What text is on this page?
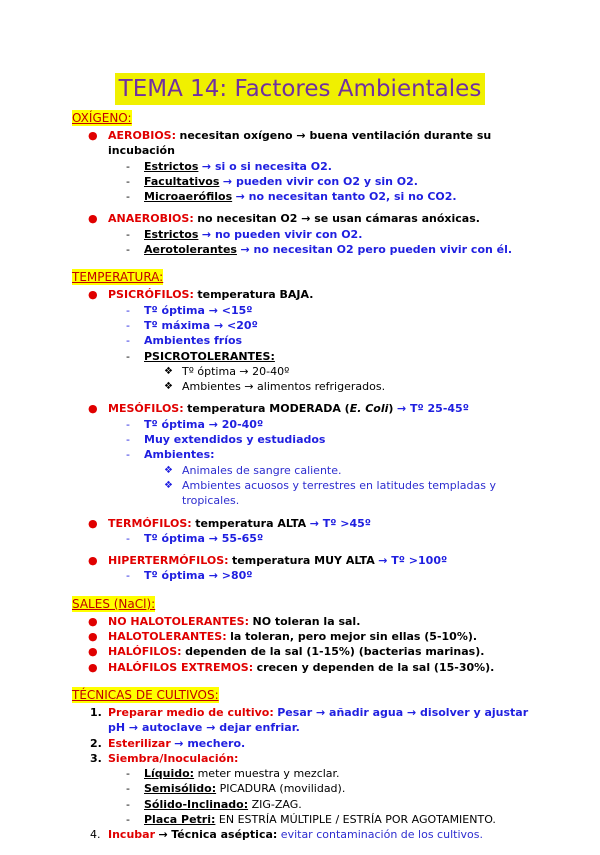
TEMA 14: Factores Ambientales
OXÍGENO:
● AEROBIOS: necesitan oxígeno → buena ventilación durante su incubación
- Estrictos → si o si necesita O2.
- Facultativos → pueden vivir con O2 y sin O2.
- Microaerófilos → no necesitan tanto O2, si no CO2.
● ANAEROBIOS: no necesitan O2 → se usan cámaras anóxicas.
- Estrictos → no pueden vivir con O2.
- Aerotolerantes → no necesitan O2 pero pueden vivir con él.
TEMPERATURA:
● PSICRÓFILOS: temperatura BAJA.
- Tº óptima → <15º
- Tº máxima → <20º
- Ambientes fríos
- PSICROTOLERANTES:
❖ Tº óptima → 20-40º
❖ Ambientes → alimentos refrigerados.
● MESÓFILOS: temperatura MODERADA (E. Coli) → Tº 25-45º
- Tº óptima → 20-40º
- Muy extendidos y estudiados
- Ambientes:
❖ Animales de sangre caliente.
❖ Ambientes acuosos y terrestres en latitudes templadas y tropicales.
● TERMÓFILOS: temperatura ALTA → Tº >45º
- Tº óptima → 55-65º
● HIPERTERMÓFILOS: temperatura MUY ALTA → Tº >100º
- Tº óptima → >80º
SALES (NaCl):
● NO HALOTOLERANTES: NO toleran la sal.
● HALOTOLERANTES: la toleran, pero mejor sin ellas (5-10%).
● HALÓFILOS: dependen de la sal (1-15%) (bacterias marinas).
● HALÓFILOS EXTREMOS: crecen y dependen de la sal (15-30%).
TÉCNICAS DE CULTIVOS:
1. Preparar medio de cultivo: Pesar → añadir agua → disolver y ajustar pH → autoclave → dejar enfriar.
2. Esterilizar → mechero.
3. Siembra/Inoculación:
- Líquido: meter muestra y mezclar.
- Semisólido: PICADURA (movilidad).
- Sólido-Inclinado: ZIG-ZAG.
- Placa Petri: EN ESTRÍA MÚLTIPLE / ESTRÍA POR AGOTAMIENTO.
4. Incubar → Técnica aséptica: evitar contaminación de los cultivos.
